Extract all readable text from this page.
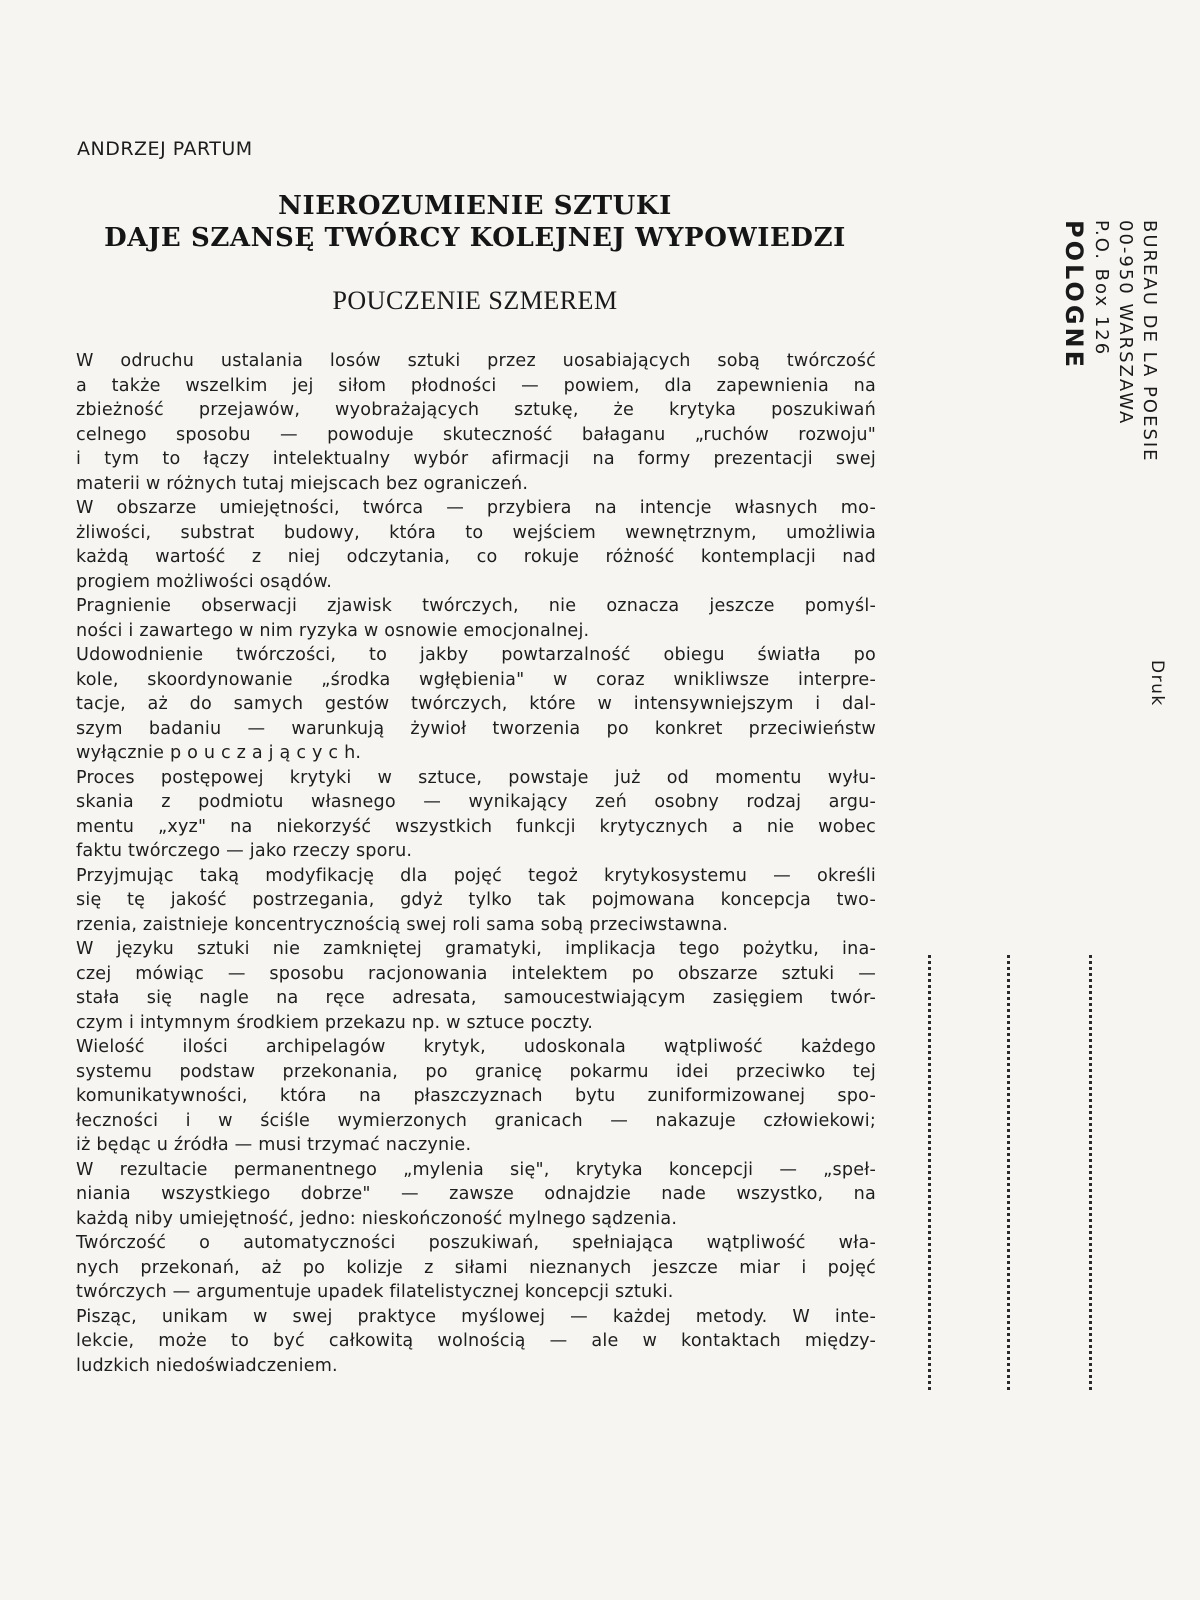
ANDRZEJ PARTUM
NIEROZUMIENIE SZTUKI
DAJE SZANSĘ TWÓRCY KOLEJNEJ WYPOWIEDZI
POUCZENIE SZMEREM
W odruchu ustalania losów sztuki przez uosabiających sobą twórczość
a także wszelkim jej siłom płodności — powiem, dla zapewnienia na
zbieżność przejawów, wyobrażających sztukę, że krytyka poszukiwań
celnego sposobu — powoduje skuteczność bałaganu „ruchów rozwoju"
i tym to łączy intelektualny wybór afirmacji na formy prezentacji swej
materii w różnych tutaj miejscach bez ograniczeń.
W obszarze umiejętności, twórca — przybiera na intencje własnych mo-
żliwości, substrat budowy, która to wejściem wewnętrznym, umożliwia
każdą wartość z niej odczytania, co rokuje różność kontemplacji nad
progiem możliwości osądów.
Pragnienie obserwacji zjawisk twórczych, nie oznacza jeszcze pomyśl-
ności i zawartego w nim ryzyka w osnowie emocjonalnej.
Udowodnienie twórczości, to jakby powtarzalność obiegu światła po
kole, skoordynowanie „środka wgłębienia" w coraz wnikliwsze interpre-
tacje, aż do samych gestów twórczych, które w intensywniejszym i dal-
szym badaniu — warunkują żywioł tworzenia po konkret przeciwieństw
wyłącznie p o u c z a j ą c y c h.
Proces postępowej krytyki w sztuce, powstaje już od momentu wyłu-
skania z podmiotu własnego — wynikający zeń osobny rodzaj argu-
mentu „xyz" na niekorzyść wszystkich funkcji krytycznych a nie wobec
faktu twórczego — jako rzeczy sporu.
Przyjmując taką modyfikację dla pojęć tegoż krytykosystemu — określi
się tę jakość postrzegania, gdyż tylko tak pojmowana koncepcja two-
rzenia, zaistnieje koncentrycznością swej roli sama sobą przeciwstawna.
W języku sztuki nie zamkniętej gramatyki, implikacja tego pożytku, ina-
czej mówiąc — sposobu racjonowania intelektem po obszarze sztuki —
stała się nagle na ręce adresata, samoucestwiającym zasięgiem twór-
czym i intymnym środkiem przekazu np. w sztuce poczty.
Wielość ilości archipelagów krytyk, udoskonala wątpliwość każdego
systemu podstaw przekonania, po granicę pokarmu idei przeciwko tej
komunikatywności, która na płaszczyznach bytu zuniformizowanej spo-
łeczności i w ściśle wymierzonych granicach — nakazuje człowiekowi;
iż będąc u źródła — musi trzymać naczynie.
W rezultacie permanentnego „mylenia się", krytyka koncepcji — „speł-
niania wszystkiego dobrze" — zawsze odnajdzie nade wszystko, na
każdą niby umiejętność, jedno: nieskończoność mylnego sądzenia.
Twórczość o automatyczności poszukiwań, spełniająca wątpliwość wła-
nych przekonań, aż po kolizje z siłami nieznanych jeszcze miar i pojęć
twórczych — argumentuje upadek filatelistycznej koncepcji sztuki.
Pisząc, unikam w swej praktyce myślowej — każdej metody. W inte-
lekcie, może to być całkowitą wolnością — ale w kontaktach między-
ludzkich niedoświadczeniem.
BUREAU DE LA POESIE
00-950 WARSZAWA
P.O. Box 126
POLOGNE
Druk
